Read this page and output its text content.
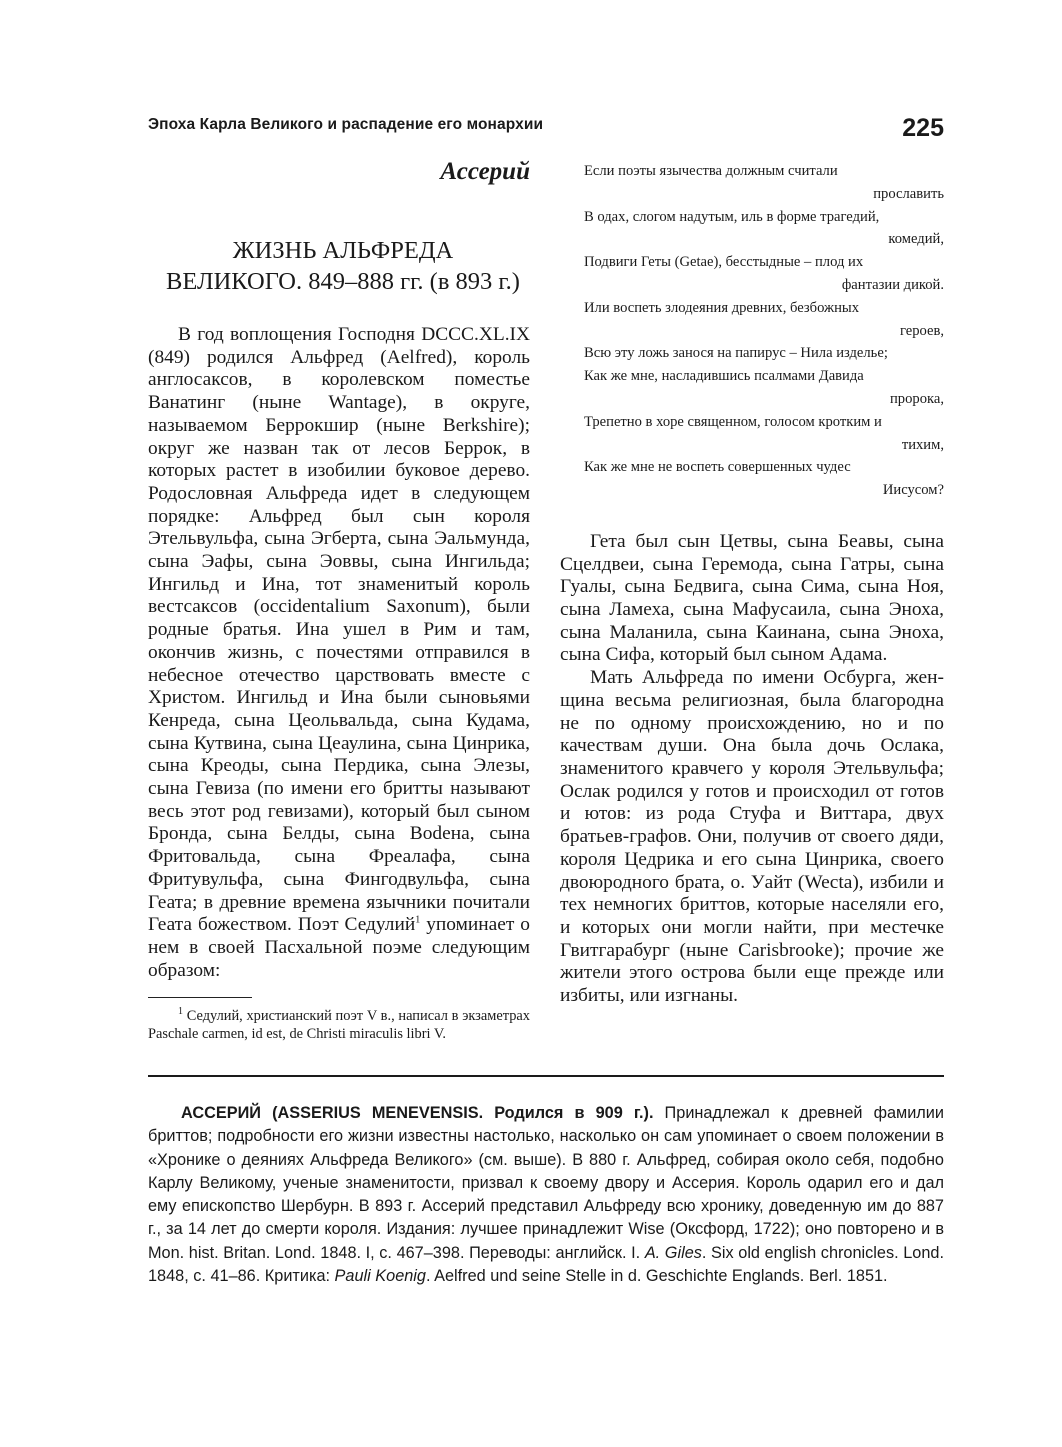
Эпоха Карла Великого и распадение его монархии	225
Ассерий
ЖИЗНЬ АЛЬФРЕДА
ВЕЛИКОГО. 849–888 гг. (в 893 г.)

В год воплощения Господня DCCC.XL.IX (849) родился Альфред (Aelfred), король англосаксов, в королевском поместье Ванатинг (ныне Wantage), в округе, называемом Беррокшир (ныне Berkshire); округ же назван так от лесов Беррок, в которых растет в изобилии буковое дерево. Родословная Альфреда идет в следующем порядке: Альфред был сын короля Этельвульфа, сына Эгберта, сына Эальмунда, сына Эафы, сына Эоввы, сына Ингильда; Ингильд и Ина, тот знаменитый король вестсаксов (occidentalium Saxonum), были родные братья. Ина ушел в Рим и там, окончив жизнь, с почестями отправился в небесное отечество царствовать вместе с Христом. Ингильд и Ина были сыновьями Кенреда, сына Цеольвальда, сына Кудама, сына Кутвина, сына Цеаулина, сына Цинрика, сына Креоды, сына Пердика, сына Элезы, сына Гевиза (по имени его бритты называют весь этот род гевизами), который был сыном Бронда, сына Белды, сына Воdена, сына Фритовальда, сына Фреалафа, сына Фритувульфа, сына Фингодвульфа, сына Геата; в древние времена язычники почитали Геата божеством. Поэт Седулий$^1$ упоминает о нем в своей Пасхальной поэме следующим образом:

$^1$ Седулий, христианский поэт V в., написал в экзаметрах Paschale carmen, id est, de Christi miraculis libri V.
Если поэты язычества должным считали
прославить
В одах, слогом надутым, иль в форме трагедий,
комедий,
Подвиги Геты (Getae), бесстыдные – плод их
фантазии дикой.
Или воспеть злодеяния древних, безбожных
героев,
Всю эту ложь занося на папирус – Нила изделье;
Как же мне, насладившись псалмами Давида
пророка,
Трепетно в хоре священном, голосом кротким и
тихим,
Как же мне не воспеть совершенных чудес
Иисусом?

Гета был сын Цетвы, сына Беавы, сына Сцелдвеи, сына Геремода, сына Гатры, сына Гуалы, сына Бедвига, сына Сима, сына Ноя, сына Ламеха, сына Мафусаила, сына Эноха, сына Маланила, сына Каинана, сына Эноха, сына Сифа, который был сыном Адама.

Мать Альфреда по имени Осбурга, женщина весьма религиозная, была благородна не по одному происхождению, но и по качествам души. Она была дочь Ослака, знаменитого кравчего у короля Этельвульфа; Ослак родился у готов и происходил от готов и ютов: из рода Стуфа и Виттара, двух братьев-графов. Они, получив от своего дяди, короля Цедрика и его сына Цинрика, своего двоюродного брата, о. Уайт (Wecta), избили и тех немногих бриттов, которые населяли его, и которых они могли найти, при местечке Гвитгарабург (ныне Carisbrooke); прочие же жители этого острова были еще прежде или избиты, или изгнаны.

АССЕРИЙ (ASSERIUS MENEVENSIS. Родился в 909 г.). Принадлежал к древней фамилии бриттов; подробности его жизни известны настолько, насколько он сам упоминает о своем положении в «Хронике о деяниях Альфреда Великого» (см. выше). В 880 г. Альфред, собирая около себя, подобно Карлу Великому, ученые знаменитости, призвал к своему двору и Ассерия. Король одарил его и дал ему епископство Шербурн. В 893 г. Ассерий представил Альфреду всю хронику, доведенную им до 887 г., за 14 лет до смерти короля. Издания: лучшее принадлежит Wise (Оксфорд, 1722); оно повторено и в Mon. hist. Britan. Lond. 1848. I, с. 467–398. Переводы: английск. I. A. Giles. Six old english chronicles. Lond. 1848, с. 41–86. Критика: Pauli Koenig. Aelfred und seine Stelle in d. Geschichte Englands. Berl. 1851.
